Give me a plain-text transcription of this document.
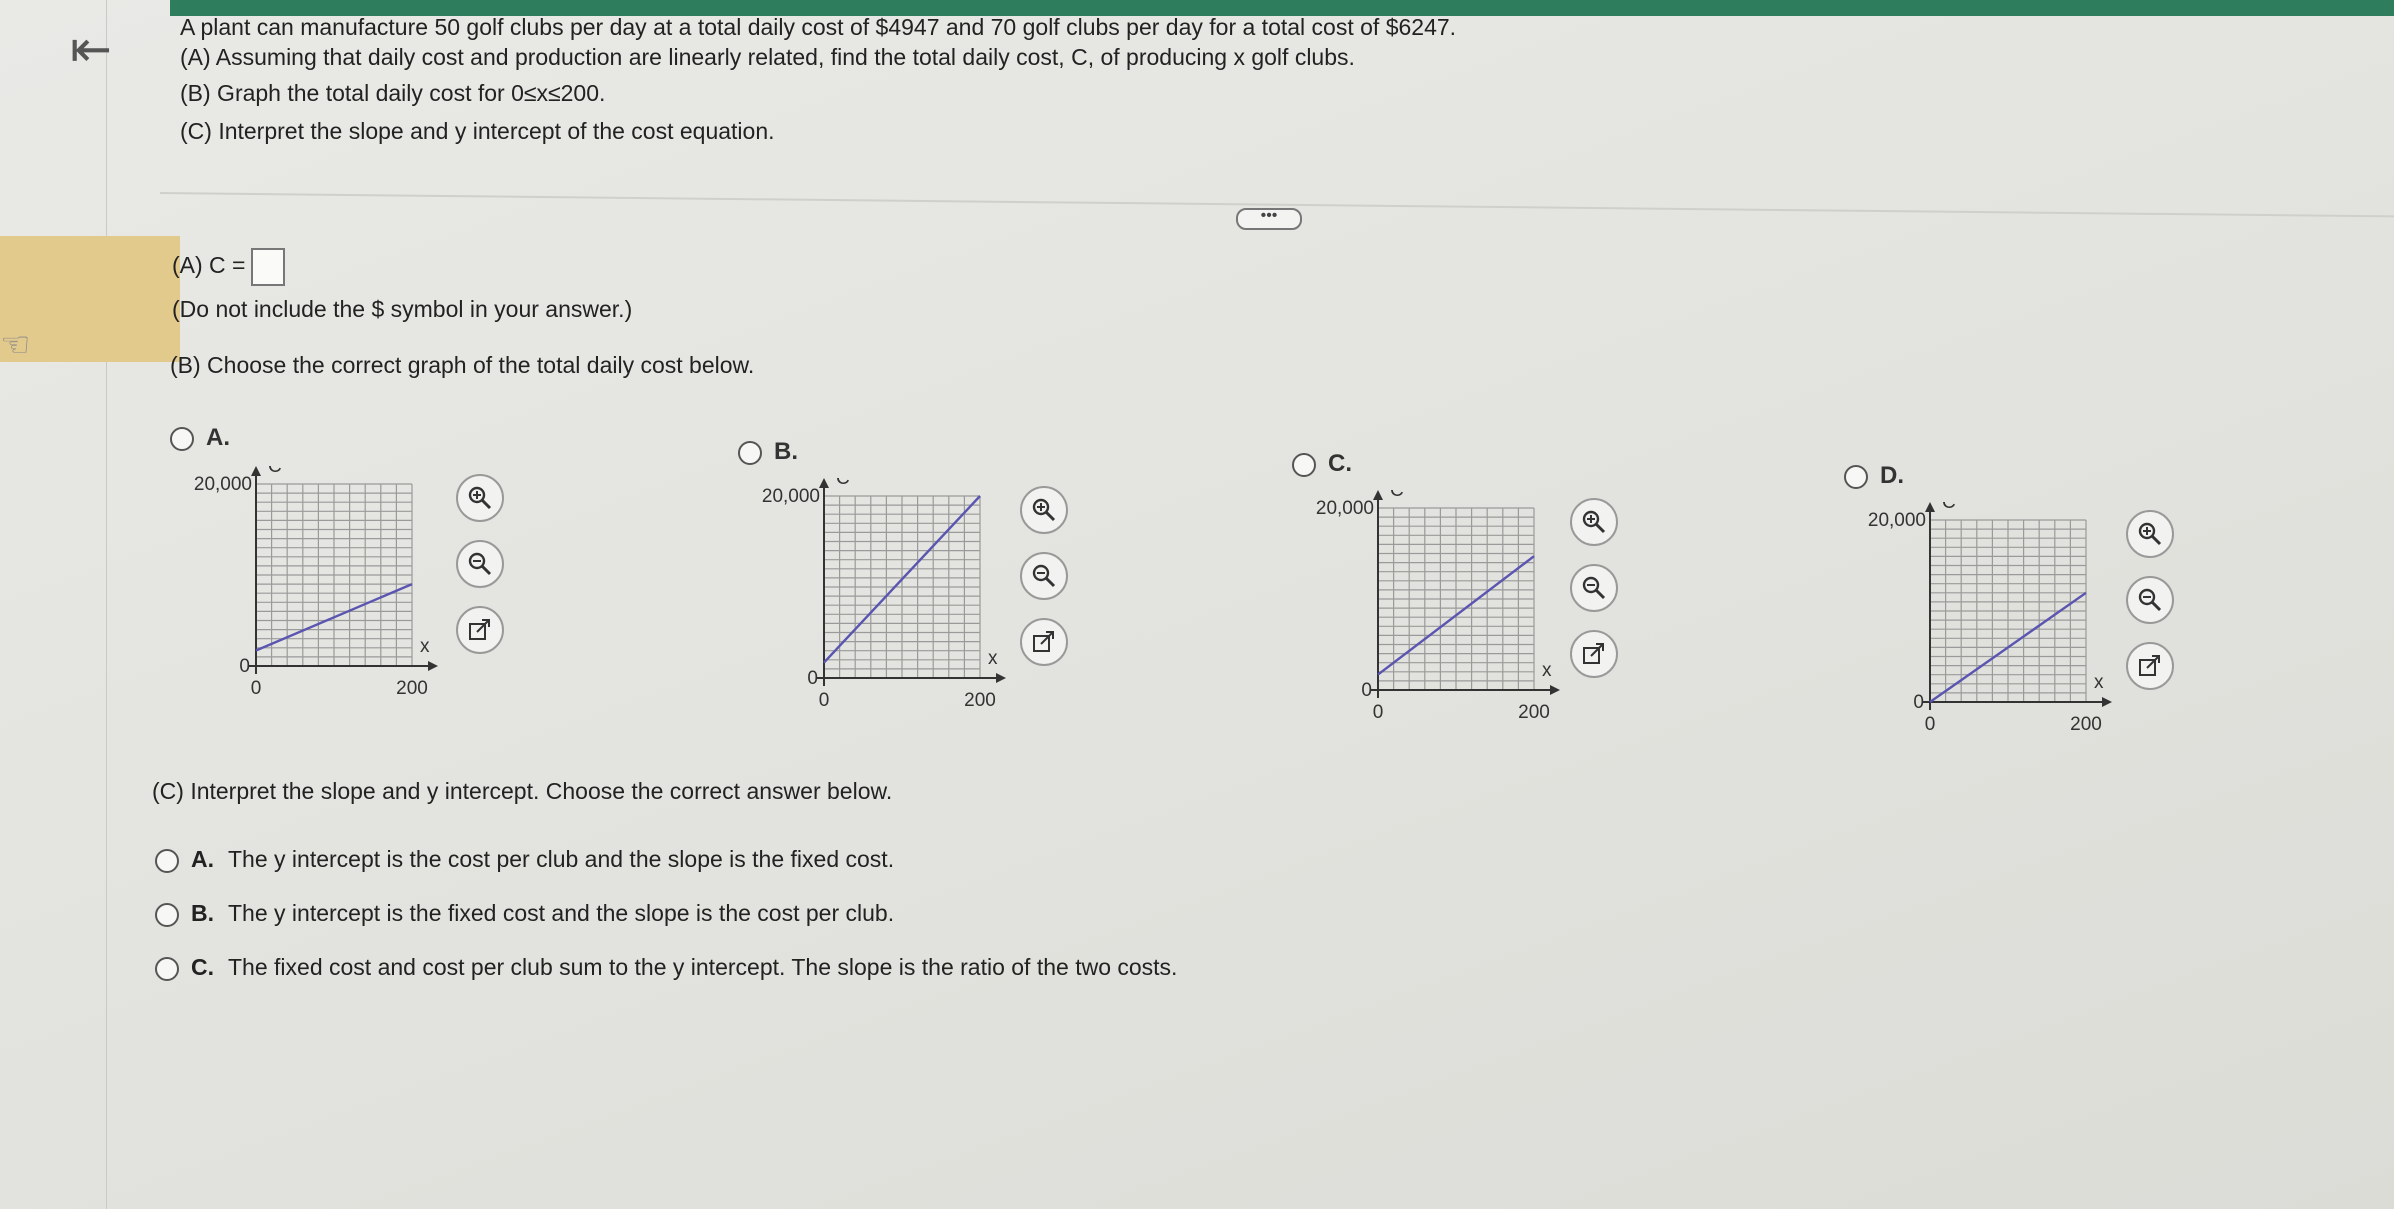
⇤
☜
A plant can manufacture 50 golf clubs per day at a total daily cost of $4947 and 70 golf clubs per day for a total cost of $6247.
(A) Assuming that daily cost and production are linearly related, find the total daily cost, C, of producing x golf clubs.
(B) Graph the total daily cost for 0≤x≤200.
(C) Interpret the slope and y intercept of the cost equation.
•••
(A) C =
(Do not include the $ symbol in your answer.)
(B) Choose the correct graph of the total daily cost below.
A.
B.	C.	D.
C
20,000
0
x
0	200
C
20,000
0
x
0	200
C
20,000
0
x
0	200
C
20,000
0
x
0	200
(C) Interpret the slope and y intercept. Choose the correct answer below.
A. The y intercept is the cost per club and the slope is the fixed cost.
B. The y intercept is the fixed cost and the slope is the cost per club.
C. The fixed cost and cost per club sum to the y intercept. The slope is the ratio of the two costs.
